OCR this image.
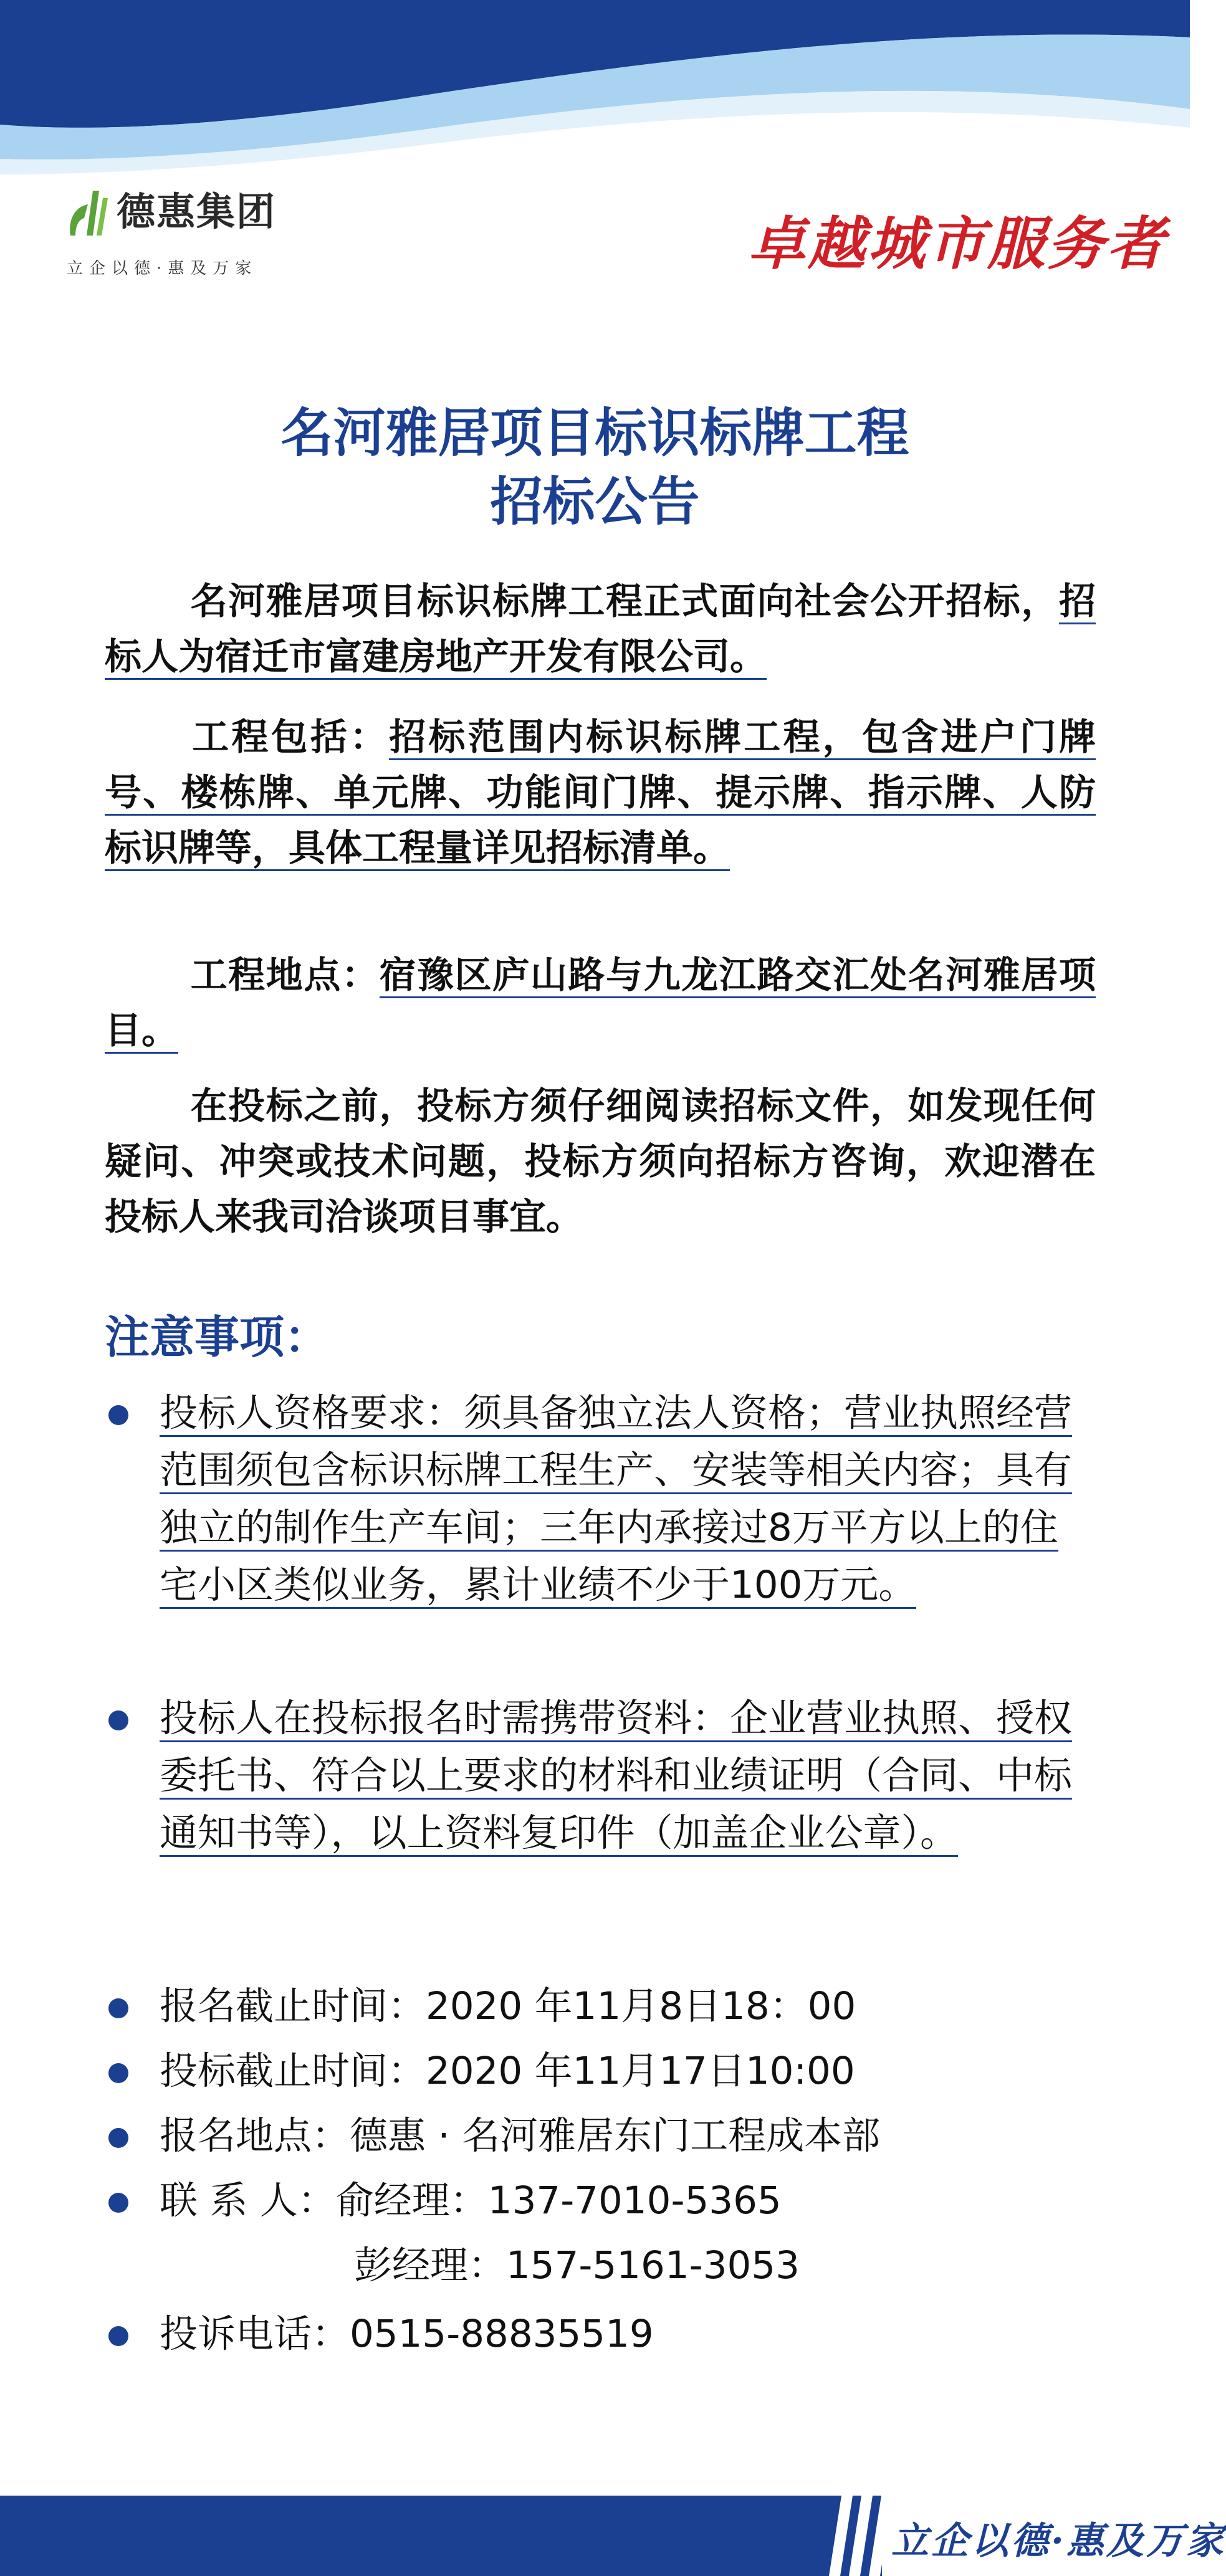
德惠集团
立企以德·惠及万家	卓越城市服务者
名河雅居项目标识标牌工程
招标公告
名河雅居项目标识标牌工程正式面向社会公开招标，招标人为宿迁市富建房地产开发有限公司。
工程包括：招标范围内标识标牌工程，包含进户门牌号、楼栋牌、单元牌、功能间门牌、提示牌、指示牌、人防标识牌等，具体工程量详见招标清单。
工程地点：宿豫区庐山路与九龙江路交汇处名河雅居项目。
在投标之前，投标方须仔细阅读招标文件，如发现任何疑问、冲突或技术问题，投标方须向招标方咨询，欢迎潜在投标人来我司洽谈项目事宜。
注意事项：
投标人资格要求：须具备独立法人资格；营业执照经营范围须包含标识标牌工程生产、安装等相关内容；具有独立的制作生产车间；三年内承接过8万平方以上的住宅小区类似业务，累计业绩不少于100万元。
投标人在投标报名时需携带资料：企业营业执照、授权委托书、符合以上要求的材料和业绩证明（合同、中标通知书等），以上资料复印件（加盖企业公章）。
报名截止时间：2020 年11月8日18：00
投标截止时间：2020 年11月17日10:00
报名地点：德惠 · 名河雅居东门工程成本部
联 系 人：俞经理：137-7010-5365
彭经理：157-5161-3053
投诉电话：0515-88835519
立企以德·惠及万家
